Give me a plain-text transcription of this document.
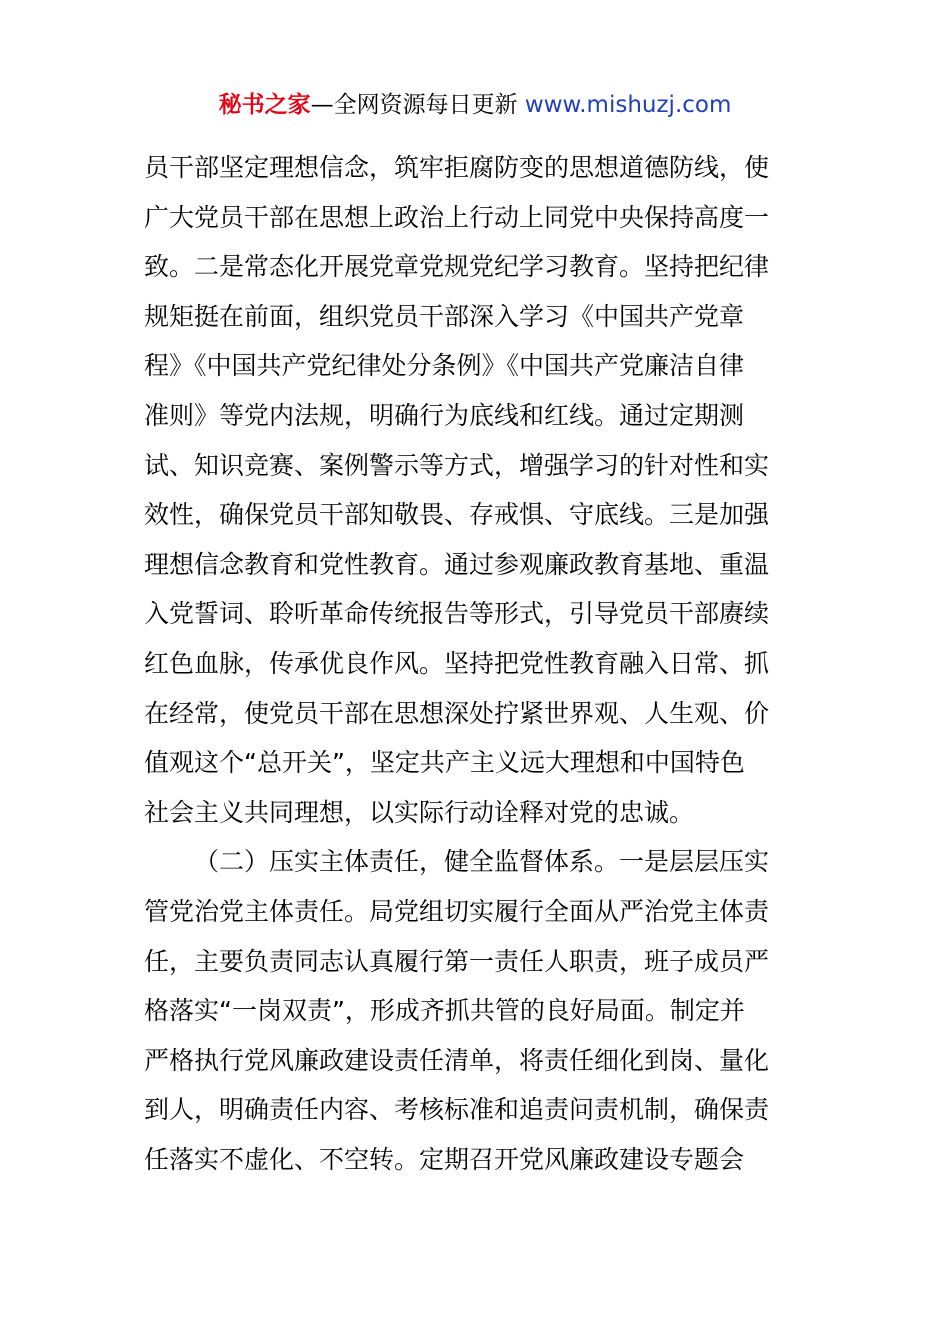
秘书之家—全网资源每日更新 www.mishuzj.com
员干部坚定理想信念，筑牢拒腐防变的思想道德防线，使
广大党员干部在思想上政治上行动上同党中央保持高度一
致。二是常态化开展党章党规党纪学习教育。坚持把纪律
规矩挺在前面，组织党员干部深入学习《中国共产党章
程》《中国共产党纪律处分条例》《中国共产党廉洁自律
准则》等党内法规，明确行为底线和红线。通过定期测
试、知识竞赛、案例警示等方式，增强学习的针对性和实
效性，确保党员干部知敬畏、存戒惧、守底线。三是加强
理想信念教育和党性教育。通过参观廉政教育基地、重温
入党誓词、聆听革命传统报告等形式，引导党员干部赓续
红色血脉，传承优良作风。坚持把党性教育融入日常、抓
在经常，使党员干部在思想深处拧紧世界观、人生观、价
值观这个“总开关”，坚定共产主义远大理想和中国特色
社会主义共同理想，以实际行动诠释对党的忠诚。
（二）压实主体责任，健全监督体系。一是层层压实
管党治党主体责任。局党组切实履行全面从严治党主体责
任，主要负责同志认真履行第一责任人职责，班子成员严
格落实“一岗双责”，形成齐抓共管的良好局面。制定并
严格执行党风廉政建设责任清单，将责任细化到岗、量化
到人，明确责任内容、考核标准和追责问责机制，确保责
任落实不虚化、不空转。定期召开党风廉政建设专题会
